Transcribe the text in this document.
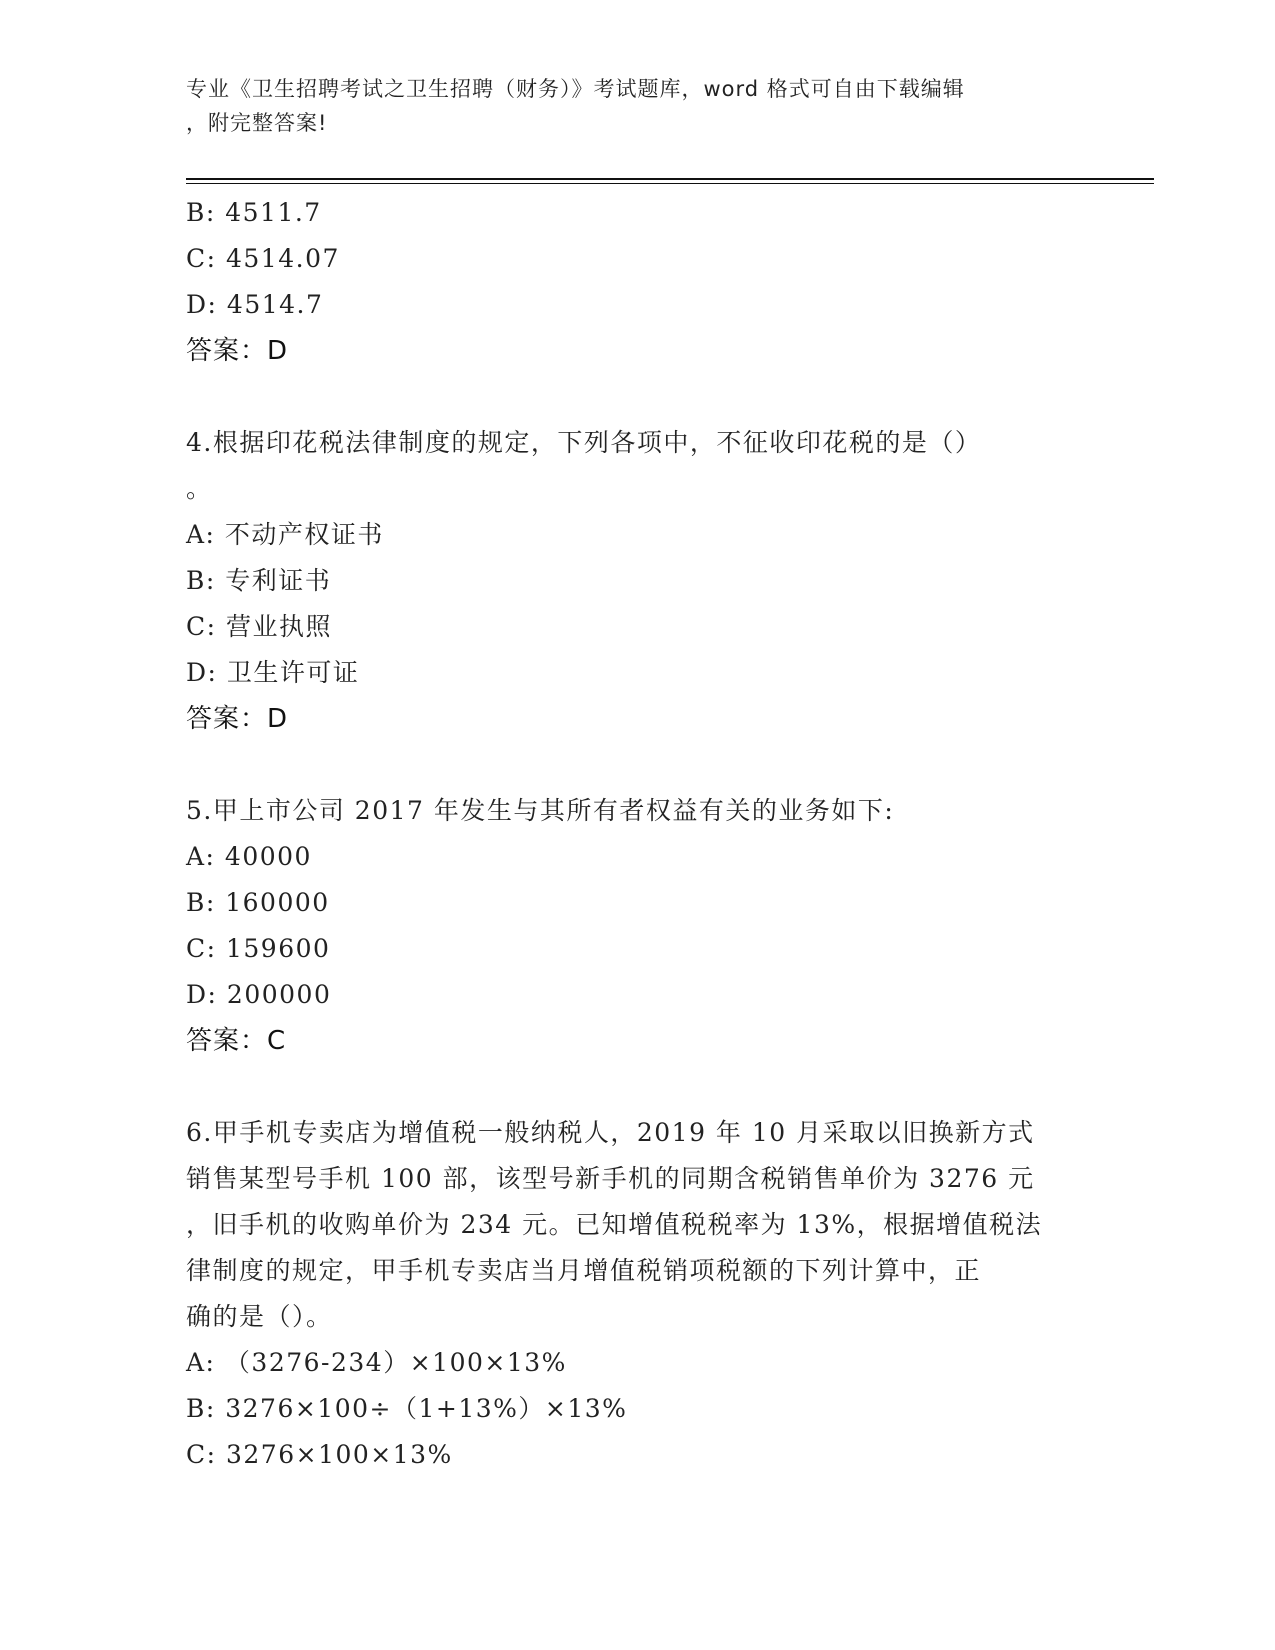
专业《卫生招聘考试之卫生招聘（财务）》考试题库，word 格式可自由下载编辑
，附完整答案!
B: 4511.7
C: 4514.07
D: 4514.7
答案：D
4.根据印花税法律制度的规定，下列各项中，不征收印花税的是（）
。
A: 不动产权证书
B: 专利证书
C: 营业执照
D: 卫生许可证
答案：D
5.甲上市公司 2017 年发生与其所有者权益有关的业务如下:
A: 40000
B: 160000
C: 159600
D: 200000
答案：C
6.甲手机专卖店为增值税一般纳税人，2019 年 10 月采取以旧换新方式
销售某型号手机 100 部，该型号新手机的同期含税销售单价为 3276 元
，旧手机的收购单价为 234 元。已知增值税税率为 13%，根据增值税法
律制度的规定，甲手机专卖店当月增值税销项税额的下列计算中，正
确的是（）。
A: （3276-234）×100×13%
B: 3276×100÷（1+13%）×13%
C: 3276×100×13%
